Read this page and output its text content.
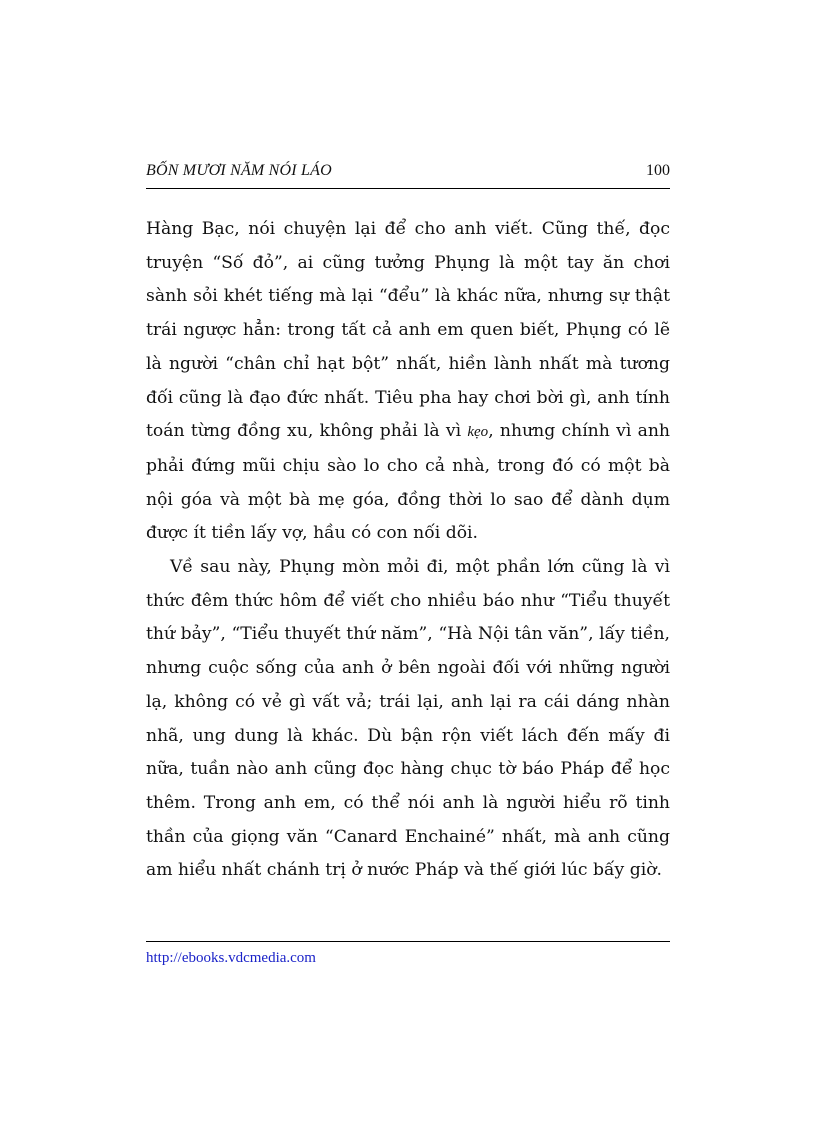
BỐN MƯƠI NĂM NÓI LÁO	100

Hàng Bạc, nói chuyện lại để cho anh viết. Cũng thế, đọc truyện “Số đỏ”, ai cũng tưởng Phụng là một tay ăn chơi sành sỏi khét tiếng mà lại “đểu” là khác nữa, nhưng sự thật trái ngược hẳn: trong tất cả anh em quen biết, Phụng có lẽ là người “chân chỉ hạt bột” nhất, hiền lành nhất mà tương đối cũng là đạo đức nhất. Tiêu pha hay chơi bời gì, anh tính toán từng đồng xu, không phải là vì kẹo, nhưng chính vì anh phải đứng mũi chịu sào lo cho cả nhà, trong đó có một bà nội góa và một bà mẹ góa, đồng thời lo sao để dành dụm được ít tiền lấy vợ, hầu có con nối dõi.

Về sau này, Phụng mòn mỏi đi, một phần lớn cũng là vì thức đêm thức hôm để viết cho nhiều báo như “Tiểu thuyết thứ bảy”, “Tiểu thuyết thứ năm”, “Hà Nội tân văn”, lấy tiền, nhưng cuộc sống của anh ở bên ngoài đối với những người lạ, không có vẻ gì vất vả; trái lại, anh lại ra cái dáng nhàn nhã, ung dung là khác. Dù bận rộn viết lách đến mấy đi nữa, tuần nào anh cũng đọc hàng chục tờ báo Pháp để học thêm. Trong anh em, có thể nói anh là người hiểu rõ tinh thần của giọng văn “Canard Enchainé” nhất, mà anh cũng am hiểu nhất chánh trị ở nước Pháp và thế giới lúc bấy giờ.

http://ebooks.vdcmedia.com
